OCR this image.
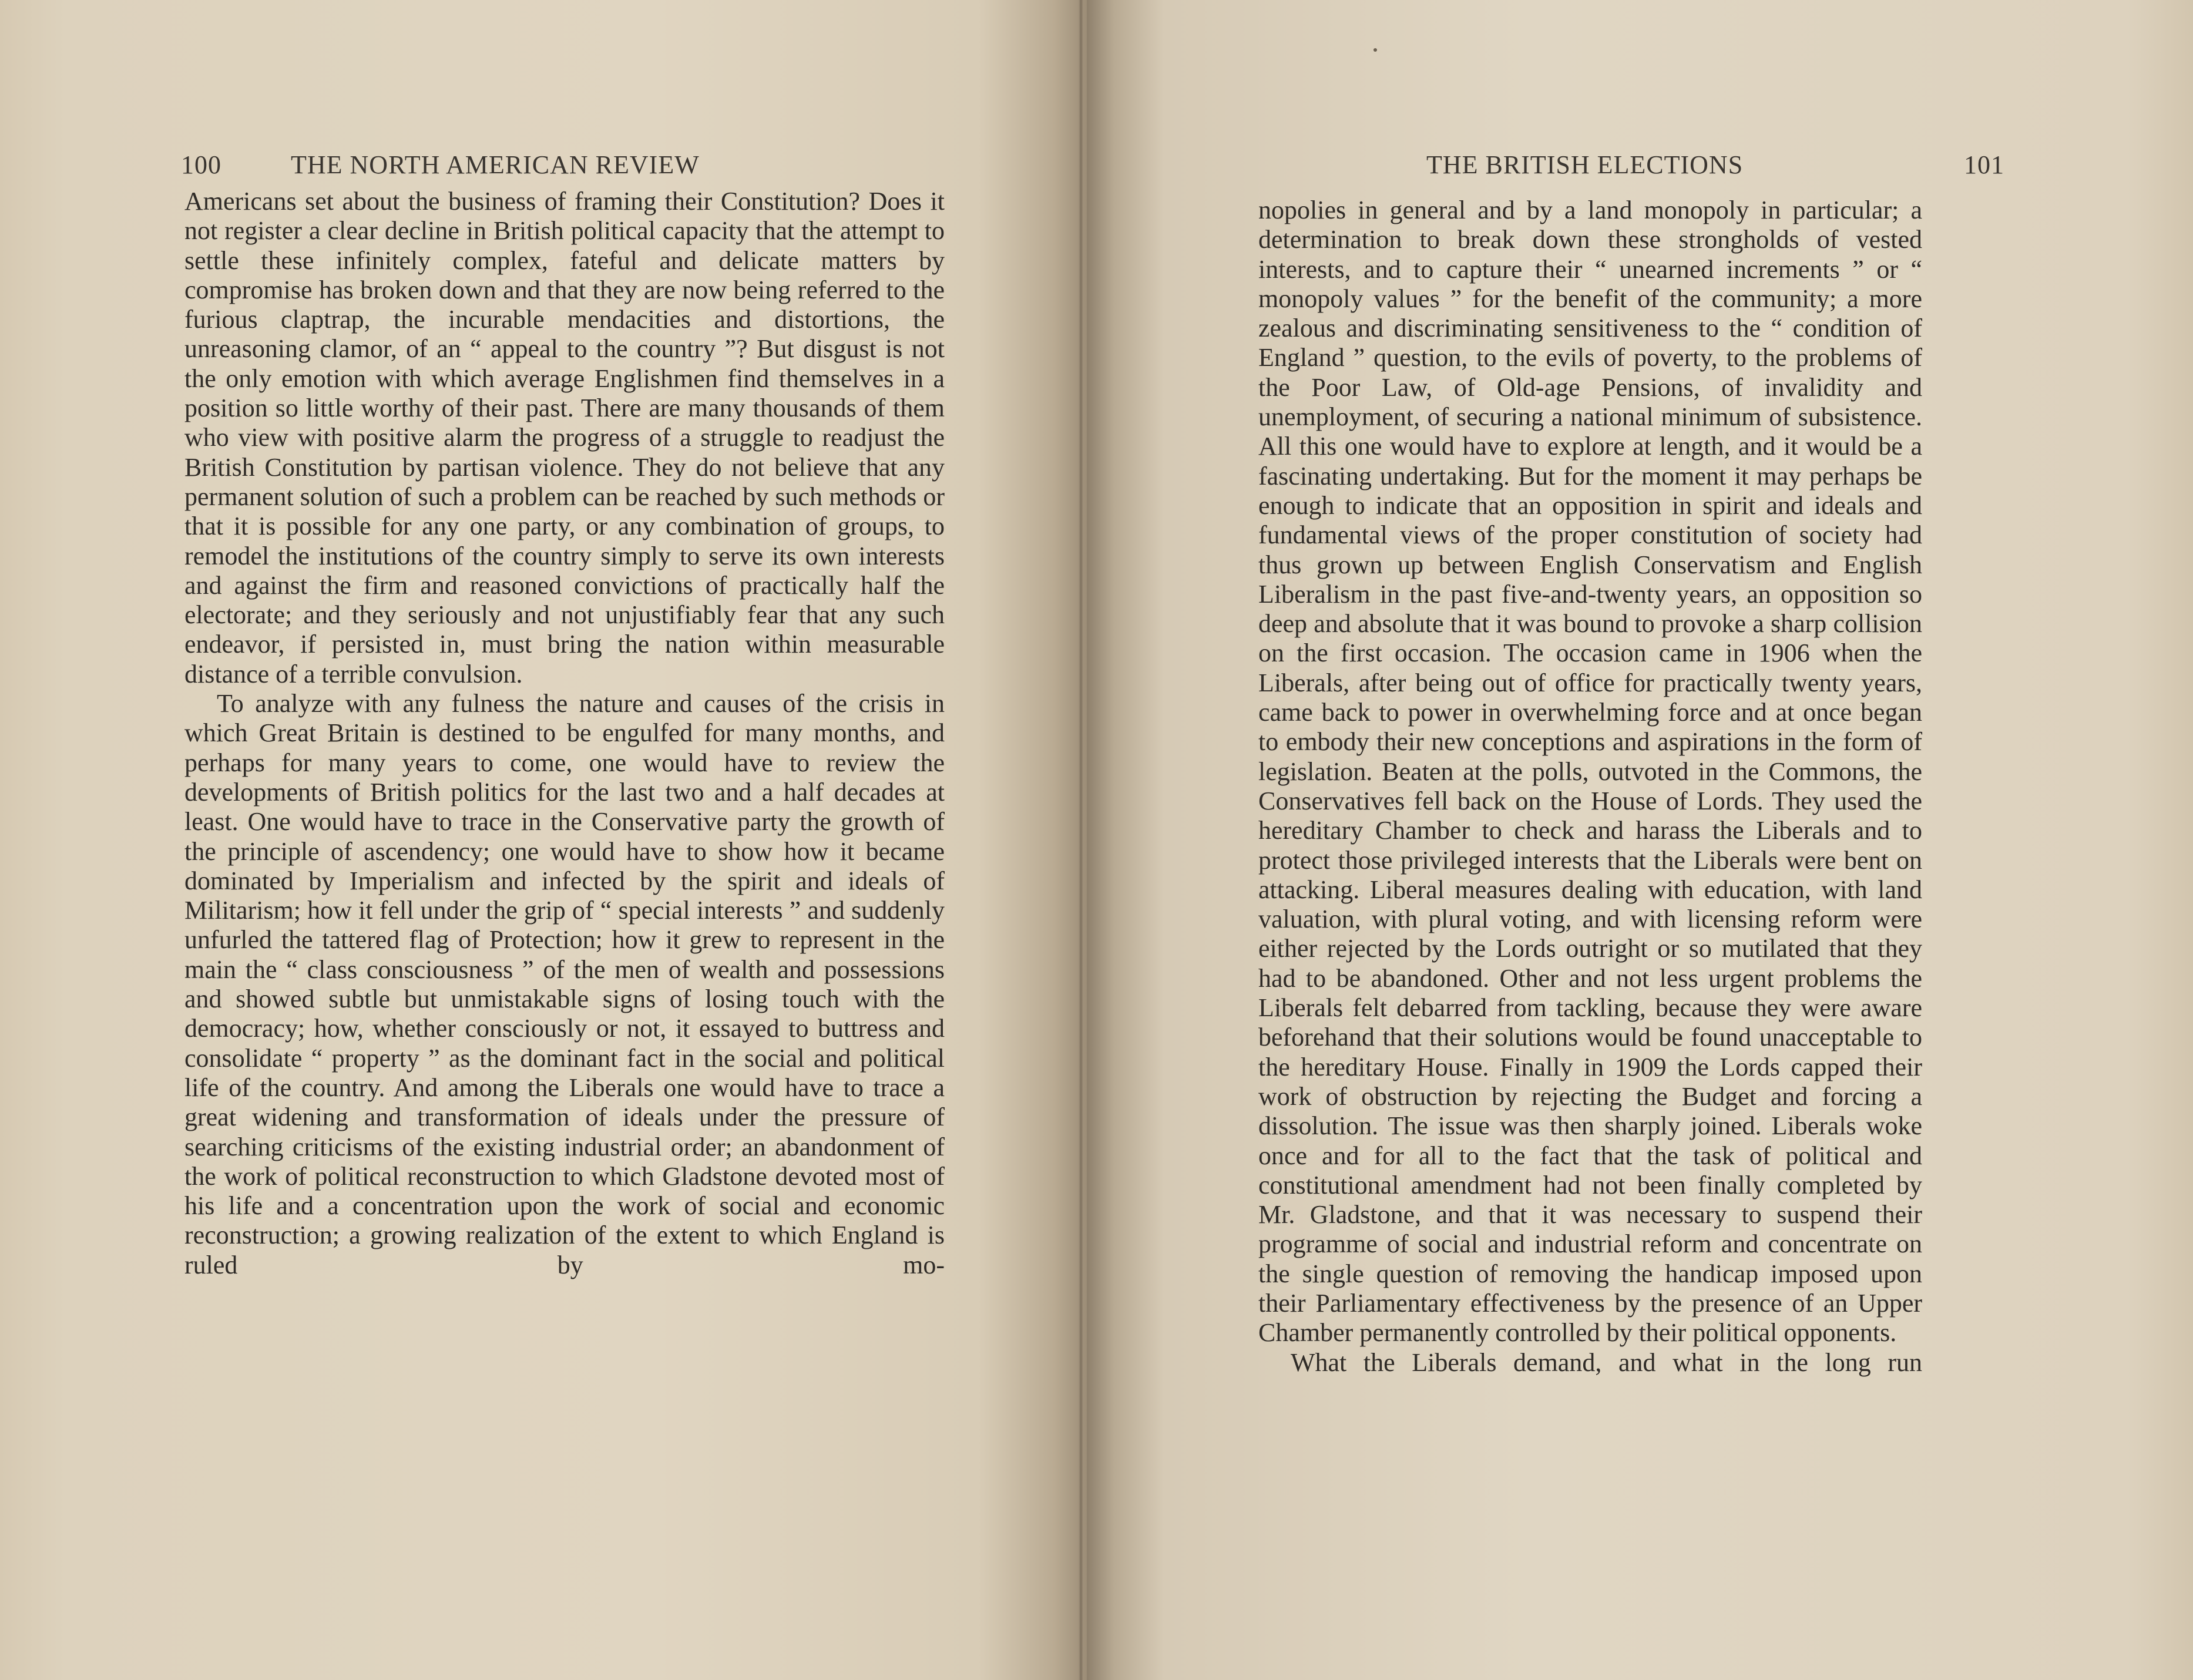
100	THE NORTH AMERICAN REVIEW

Americans set about the business of framing their Constitution? Does it not register a clear decline in British political capacity that the attempt to settle these infinitely complex, fateful and delicate matters by compromise has broken down and that they are now being referred to the furious claptrap, the incurable mendacities and distortions, the unreasoning clamor, of an “ appeal to the country ”? But disgust is not the only emotion with which average Englishmen find themselves in a position so little worthy of their past. There are many thousands of them who view with positive alarm the progress of a struggle to readjust the British Constitution by partisan violence. They do not believe that any permanent solution of such a problem can be reached by such methods or that it is possible for any one party, or any combination of groups, to remodel the institutions of the country simply to serve its own interests and against the firm and reasoned convictions of practically half the electorate; and they seriously and not unjustifiably fear that any such endeavor, if persisted in, must bring the nation within measurable distance of a terrible convulsion.

To analyze with any fulness the nature and causes of the crisis in which Great Britain is destined to be engulfed for many months, and perhaps for many years to come, one would have to review the developments of British politics for the last two and a half decades at least. One would have to trace in the Conservative party the growth of the principle of ascendency; one would have to show how it became dominated by Imperialism and infected by the spirit and ideals of Militarism; how it fell under the grip of “ special interests ” and suddenly unfurled the tattered flag of Protection; how it grew to represent in the main the “ class consciousness ” of the men of wealth and possessions and showed subtle but unmistakable signs of losing touch with the democracy; how, whether consciously or not, it essayed to buttress and consolidate “ property ” as the dominant fact in the social and political life of the country. And among the Liberals one would have to trace a great widening and transformation of ideals under the pressure of searching criticisms of the existing industrial order; an abandonment of the work of political reconstruction to which Gladstone devoted most of his life and a concentration upon the work of social and economic reconstruction; a growing realization of the extent to which England is ruled by mo-

THE BRITISH ELECTIONS	101

nopolies in general and by a land monopoly in particular; a determination to break down these strongholds of vested interests, and to capture their “ unearned increments ” or “ monopoly values ” for the benefit of the community; a more zealous and discriminating sensitiveness to the “ condition of England ” question, to the evils of poverty, to the problems of the Poor Law, of Old-age Pensions, of invalidity and unemployment, of securing a national minimum of subsistence. All this one would have to explore at length, and it would be a fascinating undertaking. But for the moment it may perhaps be enough to indicate that an opposition in spirit and ideals and fundamental views of the proper constitution of society had thus grown up between English Conservatism and English Liberalism in the past five-and-twenty years, an opposition so deep and absolute that it was bound to provoke a sharp collision on the first occasion. The occasion came in 1906 when the Liberals, after being out of office for practically twenty years, came back to power in overwhelming force and at once began to embody their new conceptions and aspirations in the form of legislation. Beaten at the polls, outvoted in the Commons, the Conservatives fell back on the House of Lords. They used the hereditary Chamber to check and harass the Liberals and to protect those privileged interests that the Liberals were bent on attacking. Liberal measures dealing with education, with land valuation, with plural voting, and with licensing reform were either rejected by the Lords outright or so mutilated that they had to be abandoned. Other and not less urgent problems the Liberals felt debarred from tackling, because they were aware beforehand that their solutions would be found unacceptable to the hereditary House. Finally in 1909 the Lords capped their work of obstruction by rejecting the Budget and forcing a dissolution. The issue was then sharply joined. Liberals woke once and for all to the fact that the task of political and constitutional amendment had not been finally completed by Mr. Gladstone, and that it was necessary to suspend their programme of social and industrial reform and concentrate on the single question of removing the handicap imposed upon their Parliamentary effectiveness by the presence of an Upper Chamber permanently controlled by their political opponents.

What the Liberals demand, and what in the long run
